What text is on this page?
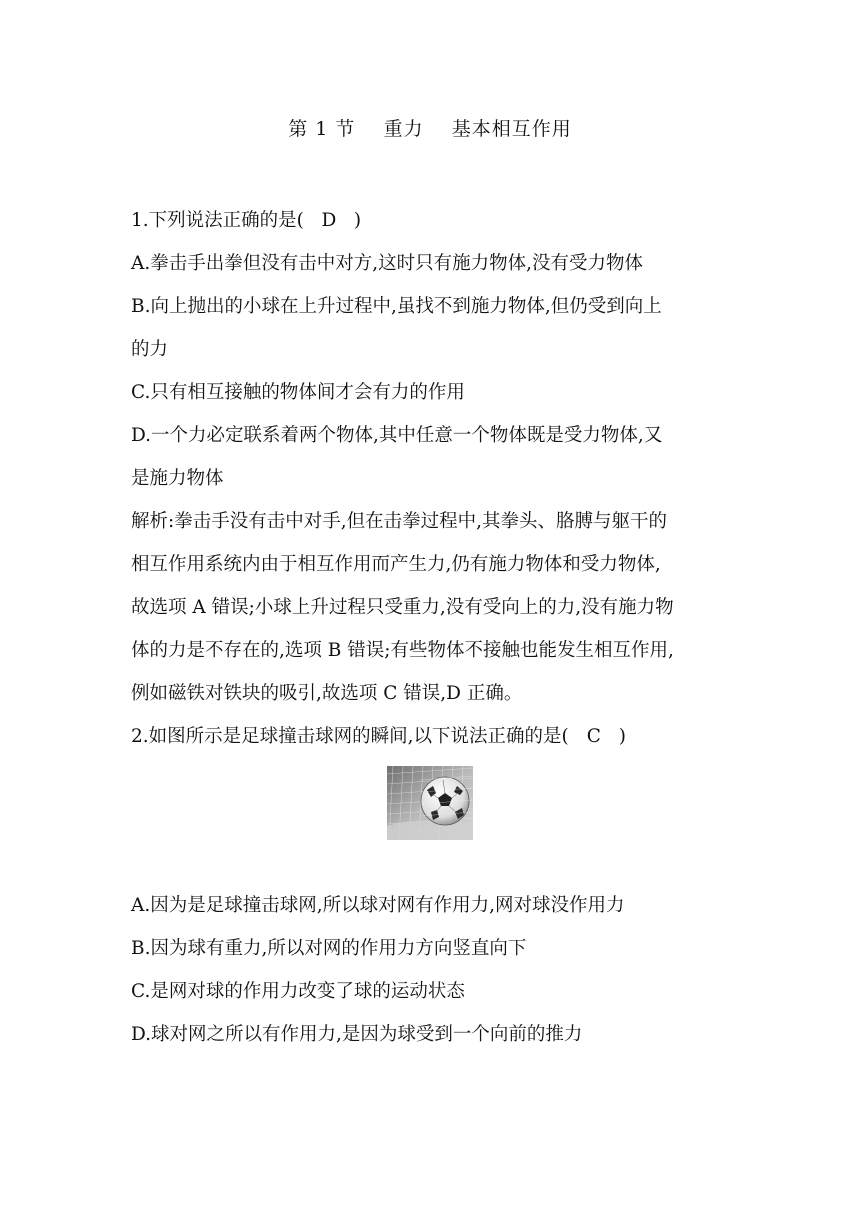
第 1 节    重力    基本相互作用
1.下列说法正确的是( D )
A.拳击手出拳但没有击中对方,这时只有施力物体,没有受力物体
B.向上抛出的小球在上升过程中,虽找不到施力物体,但仍受到向上
的力
C.只有相互接触的物体间才会有力的作用
D.一个力必定联系着两个物体,其中任意一个物体既是受力物体,又
是施力物体
解析:拳击手没有击中对手,但在击拳过程中,其拳头、胳膊与躯干的
相互作用系统内由于相互作用而产生力,仍有施力物体和受力物体,
故选项 A 错误;小球上升过程只受重力,没有受向上的力,没有施力物
体的力是不存在的,选项 B 错误;有些物体不接触也能发生相互作用,
例如磁铁对铁块的吸引,故选项 C 错误,D 正确。
2.如图所示是足球撞击球网的瞬间,以下说法正确的是( C )
A.因为是足球撞击球网,所以球对网有作用力,网对球没作用力
B.因为球有重力,所以对网的作用力方向竖直向下
C.是网对球的作用力改变了球的运动状态
D.球对网之所以有作用力,是因为球受到一个向前的推力
